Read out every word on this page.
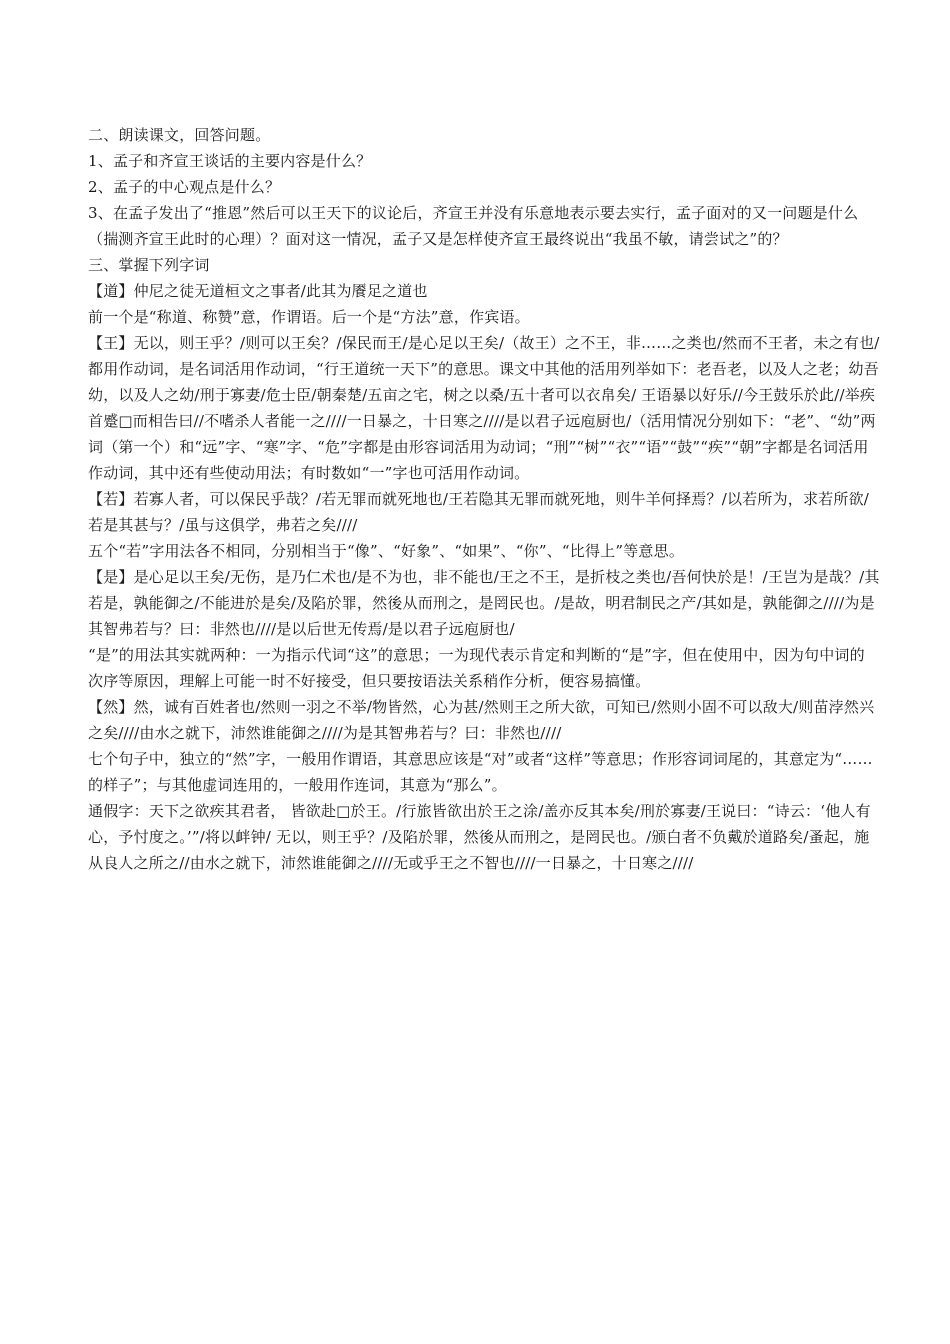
二、朗读课文，回答问题。

1、孟子和齐宣王谈话的主要内容是什么？

2、孟子的中心观点是什么？

3、在孟子发出了“推恩”然后可以王天下的议论后，齐宣王并没有乐意地表示要去实行，孟子面对的又一问题是什么（揣测齐宣王此时的心理）？面对这一情况，孟子又是怎样使齐宣王最终说出“我虽不敏，请尝试之”的？

三、掌握下列字词

【道】仲尼之徒无道桓文之事者/此其为餍足之道也

前一个是“称道、称赞”意，作谓语。后一个是“方法”意，作宾语。

【王】无以，则王乎？/则可以王矣？/保民而王/是心足以王矣/（故王）之不王，非……之类也/然而不王者，未之有也/

都用作动词，是名词活用作动词，“行王道统一天下”的意思。课文中其他的活用列举如下：老吾老，以及人之老；幼吾幼，以及人之幼/刑于寡妻/危士臣/朝秦楚/五亩之宅，树之以桑/五十者可以衣帛矣/ 王语暴以好乐//今王鼓乐於此//举疾首蹙□而相告曰//不嗜杀人者能一之////一日暴之，十日寒之////是以君子远庖厨也/（活用情况分别如下：“老”、“幼”两词（第一个）和“远”字、“寒”字、“危”字都是由形容词活用为动词；“刑”“树”“衣”“语”“鼓”“疾”“朝”字都是名词活用作动词，其中还有些使动用法；有时数如“一”字也可活用作动词。

【若】若寡人者，可以保民乎哉？/若无罪而就死地也/王若隐其无罪而就死地，则牛羊何择焉？/以若所为，求若所欲/若是其甚与？/虽与这俱学，弗若之矣////

五个“若”字用法各不相同，分别相当于“像”、“好象”、“如果”、“你”、“比得上”等意思。

【是】是心足以王矣/无伤，是乃仁术也/是不为也，非不能也/王之不王，是折枝之类也/吾何快於是！/王岂为是哉？/其若是，孰能御之/不能进於是矣/及陷於罪，然後从而刑之，是罔民也。/是故，明君制民之产/其如是，孰能御之////为是其智弗若与？曰：非然也////是以后世无传焉/是以君子远庖厨也/

“是”的用法其实就两种：一为指示代词“这”的意思；一为现代表示肯定和判断的“是”字，但在使用中，因为句中词的次序等原因，理解上可能一时不好接受，但只要按语法关系稍作分析，便容易搞懂。

【然】然，诚有百姓者也/然则一羽之不举/物皆然，心为甚/然则王之所大欲，可知已/然则小固不可以敌大/则苗浡然兴之矣////由水之就下，沛然谁能御之////为是其智弗若与？曰：非然也////

七个句子中，独立的“然”字，一般用作谓语，其意思应该是“对”或者“这样”等意思；作形容词词尾的，其意定为“……的样子”；与其他虚词连用的，一般用作连词，其意为“那么”。

通假字：天下之欲疾其君者， 皆欲赴□於王。/行旅皆欲出於王之涂/盖亦反其本矣/刑於寡妻/王说曰：“诗云：‘他人有心，予忖度之。’”/将以衅钟/ 无以，则王乎？/及陷於罪，然後从而刑之，是罔民也。/颁白者不负戴於道路矣/蚤起，施从良人之所之//由水之就下，沛然谁能御之////无或乎王之不智也////一日暴之，十日寒之////
